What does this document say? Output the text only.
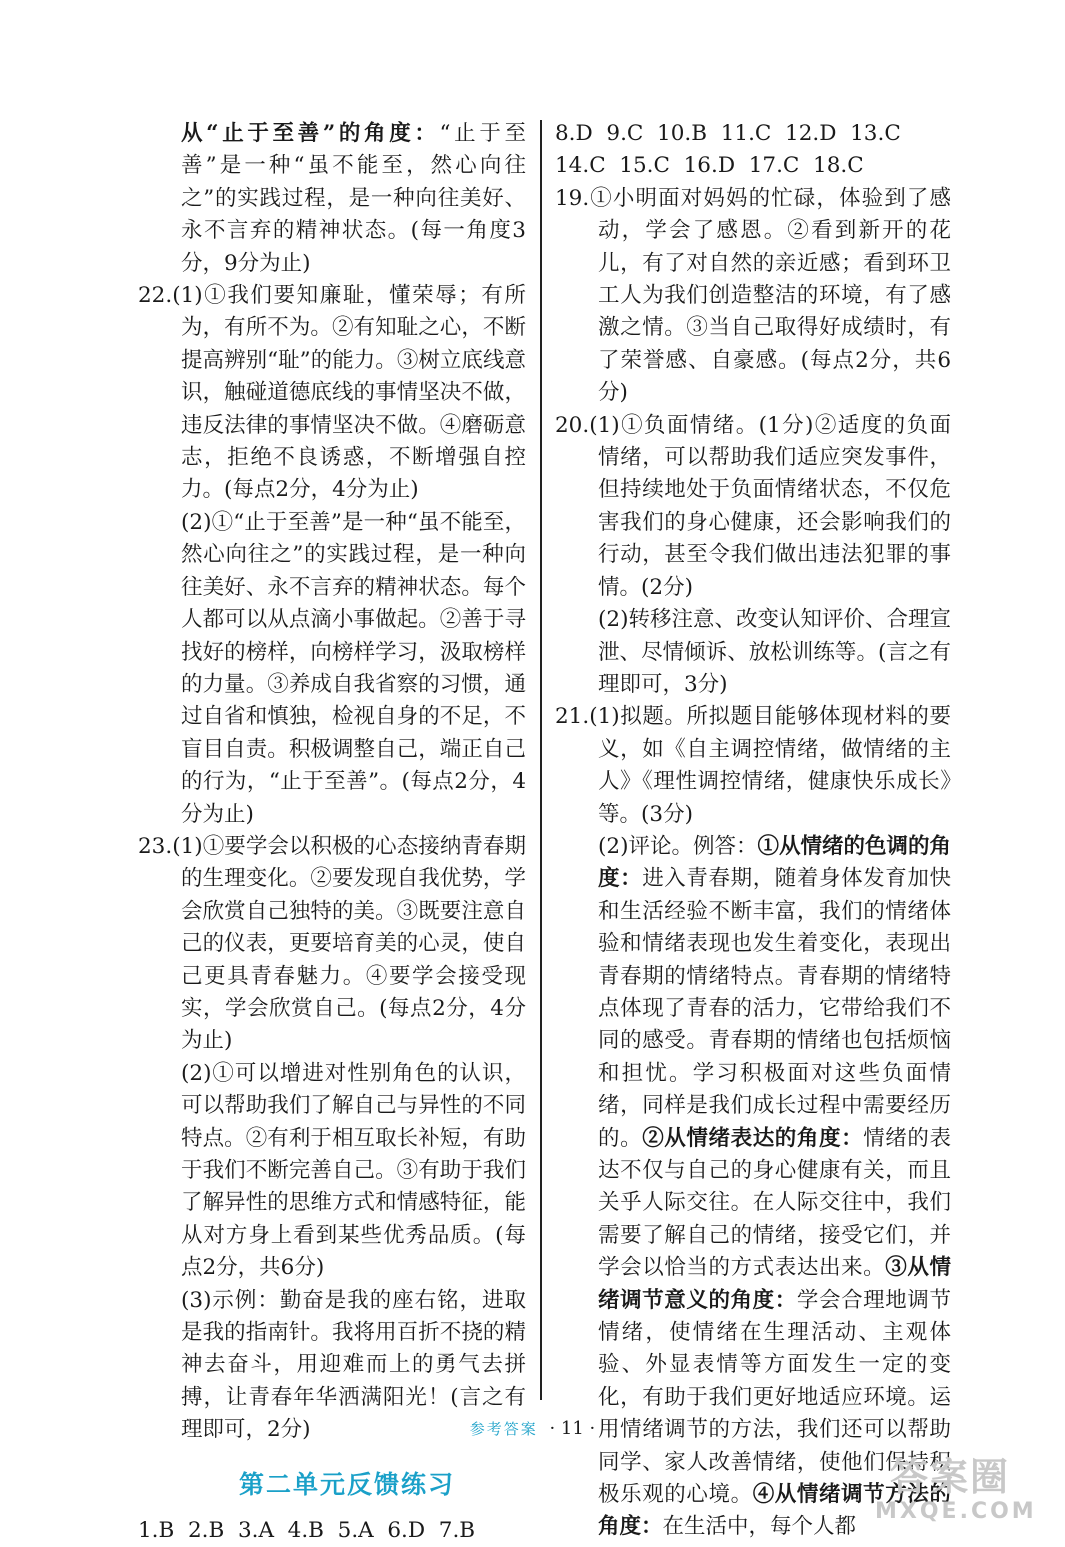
从“止于至善”的角度：“止于至善”是一种“虽不能至，然心向往之”的实践过程，是一种向往美好、永不言弃的精神状态。(每一角度3分，9分为止)

22.(1)①我们要知廉耻，懂荣辱；有所为，有所不为。②有知耻之心，不断提高辨别“耻”的能力。③树立底线意识，触碰道德底线的事情坚决不做，违反法律的事情坚决不做。④磨砺意志，拒绝不良诱惑，不断增强自控力。(每点2分，4分为止)

(2)①“止于至善”是一种“虽不能至，然心向往之”的实践过程，是一种向往美好、永不言弃的精神状态。每个人都可以从点滴小事做起。②善于寻找好的榜样，向榜样学习，汲取榜样的力量。③养成自我省察的习惯，通过自省和慎独，检视自身的不足，不盲目自责。积极调整自己，端正自己的行为，“止于至善”。(每点2分，4分为止)

23.(1)①要学会以积极的心态接纳青春期的生理变化。②要发现自我优势，学会欣赏自己独特的美。③既要注意自己的仪表，更要培育美的心灵，使自己更具青春魅力。④要学会接受现实，学会欣赏自己。(每点2分，4分为止)

(2)①可以增进对性别角色的认识，可以帮助我们了解自己与异性的不同特点。②有利于相互取长补短，有助于我们不断完善自己。③有助于我们了解异性的思维方式和情感特征，能从对方身上看到某些优秀品质。(每点2分，共6分)

(3)示例：勤奋是我的座右铭，进取是我的指南针。我将用百折不挠的精神去奋斗，用迎难而上的勇气去拼搏，让青春年华洒满阳光！(言之有理即可，2分)

第二单元反馈练习

1.B  2.B  3.A  4.B  5.A  6.D  7.B

8.D  9.C  10.B  11.C  12.D  13.C

14.C  15.C  16.D  17.C  18.C

19.①小明面对妈妈的忙碌，体验到了感动，学会了感恩。②看到新开的花儿，有了对自然的亲近感；看到环卫工人为我们创造整洁的环境，有了感激之情。③当自己取得好成绩时，有了荣誉感、自豪感。(每点2分，共6分)

20.(1)①负面情绪。(1分)②适度的负面情绪，可以帮助我们适应突发事件，但持续地处于负面情绪状态，不仅危害我们的身心健康，还会影响我们的行动，甚至令我们做出违法犯罪的事情。(2分)

(2)转移注意、改变认知评价、合理宣泄、尽情倾诉、放松训练等。(言之有理即可，3分)

21.(1)拟题。所拟题目能够体现材料的要义，如《自主调控情绪，做情绪的主人》《理性调控情绪，健康快乐成长》等。(3分)

(2)评论。例答：①从情绪的色调的角度：进入青春期，随着身体发育加快和生活经验不断丰富，我们的情绪体验和情绪表现也发生着变化，表现出青春期的情绪特点。青春期的情绪特点体现了青春的活力，它带给我们不同的感受。青春期的情绪也包括烦恼和担忧。学习积极面对这些负面情绪，同样是我们成长过程中需要经历的。②从情绪表达的角度：情绪的表达不仅与自己的身心健康有关，而且关乎人际交往。在人际交往中，我们需要了解自己的情绪，接受它们，并学会以恰当的方式表达出来。③从情绪调节意义的角度：学会合理地调节情绪，使情绪在生理活动、主观体验、外显表情等方面发生一定的变化，有助于我们更好地适应环境。运用情绪调节的方法，我们还可以帮助同学、家人改善情绪，使他们保持积极乐观的心境。④从情绪调节方法的角度：在生活中，每个人都

参考答案 · 11 ·
答案圈
MXQE.COM
